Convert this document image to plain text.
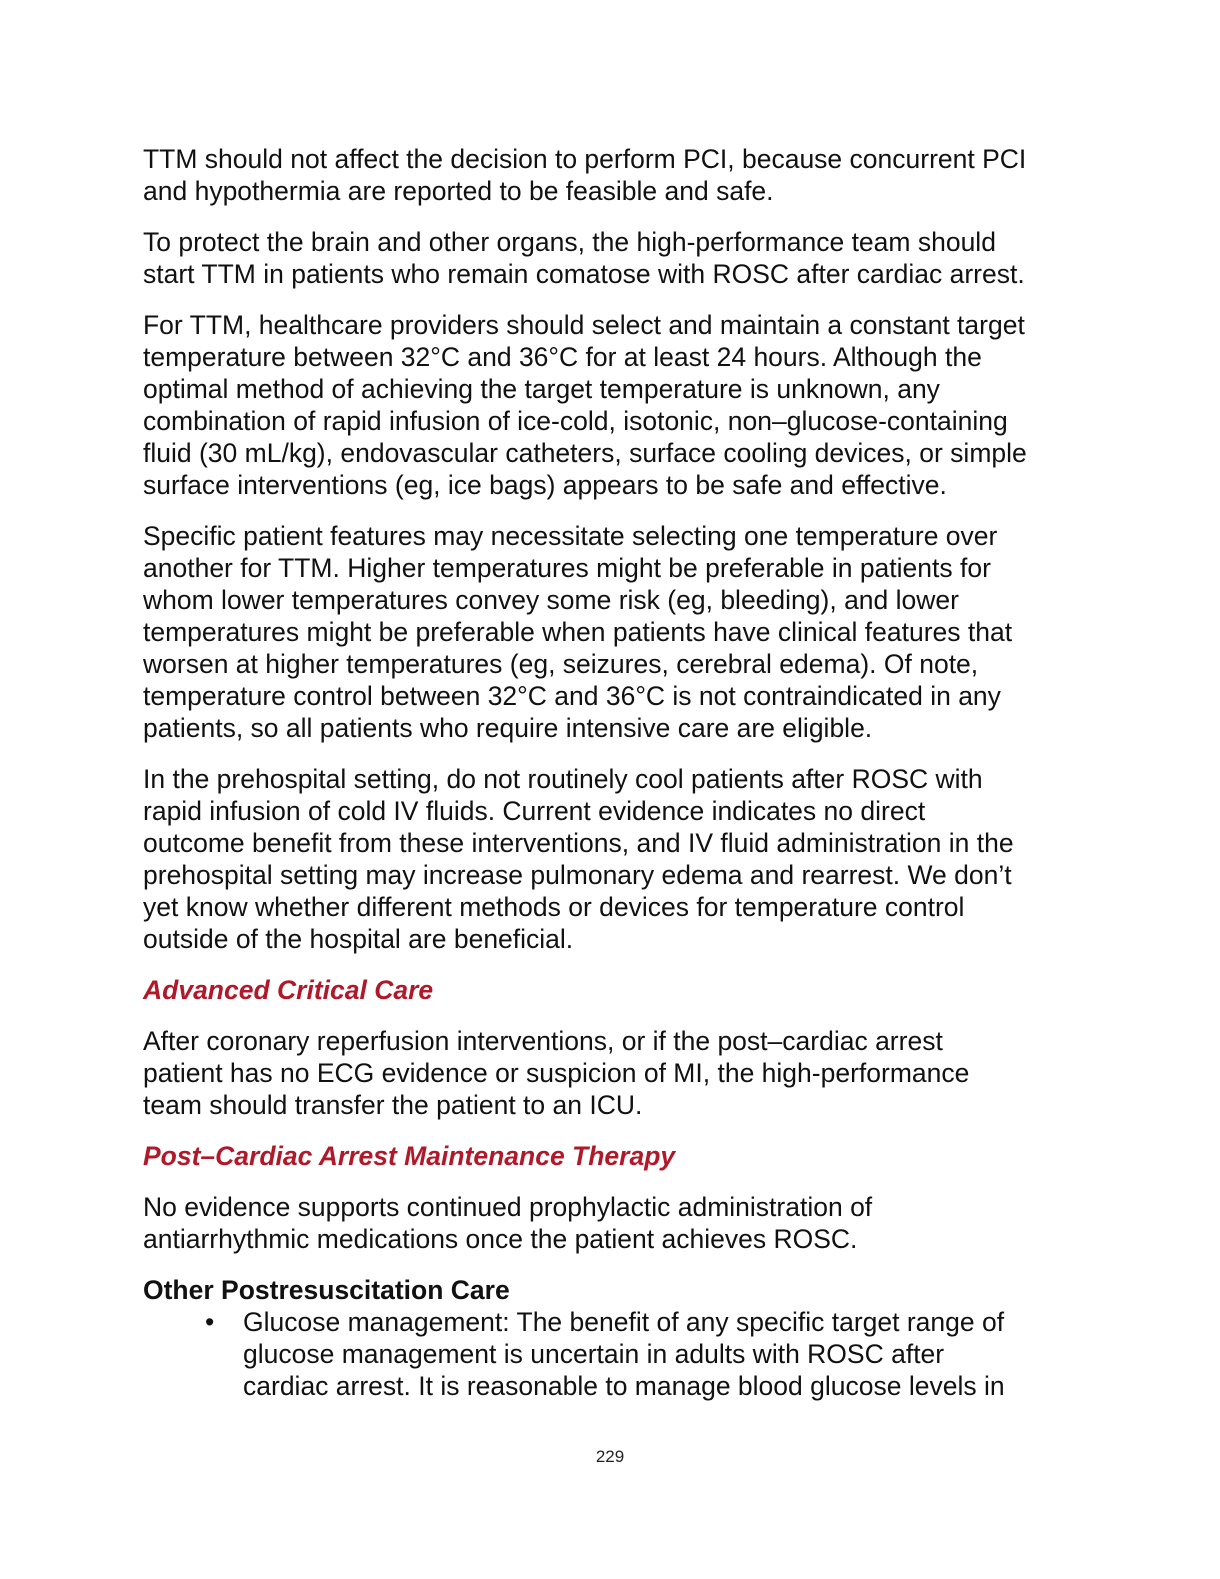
TTM should not affect the decision to perform PCI, because concurrent PCI
and hypothermia are reported to be feasible and safe.
To protect the brain and other organs, the high-performance team should
start TTM in patients who remain comatose with ROSC after cardiac arrest.
For TTM, healthcare providers should select and maintain a constant target
temperature between 32°C and 36°C for at least 24 hours. Although the
optimal method of achieving the target temperature is unknown, any
combination of rapid infusion of ice-cold, isotonic, non–glucose-containing
fluid (30 mL/kg), endovascular catheters, surface cooling devices, or simple
surface interventions (eg, ice bags) appears to be safe and effective.
Specific patient features may necessitate selecting one temperature over
another for TTM. Higher temperatures might be preferable in patients for
whom lower temperatures convey some risk (eg, bleeding), and lower
temperatures might be preferable when patients have clinical features that
worsen at higher temperatures (eg, seizures, cerebral edema). Of note,
temperature control between 32°C and 36°C is not contraindicated in any
patients, so all patients who require intensive care are eligible.
In the prehospital setting, do not routinely cool patients after ROSC with
rapid infusion of cold IV fluids. Current evidence indicates no direct
outcome benefit from these interventions, and IV fluid administration in the
prehospital setting may increase pulmonary edema and rearrest. We don’t
yet know whether different methods or devices for temperature control
outside of the hospital are beneficial.
Advanced Critical Care
After coronary reperfusion interventions, or if the post–cardiac arrest
patient has no ECG evidence or suspicion of MI, the high-performance
team should transfer the patient to an ICU.
Post–Cardiac Arrest Maintenance Therapy
No evidence supports continued prophylactic administration of
antiarrhythmic medications once the patient achieves ROSC.
Other Postresuscitation Care
• Glucose management: The benefit of any specific target range of
glucose management is uncertain in adults with ROSC after
cardiac arrest. It is reasonable to manage blood glucose levels in
229
